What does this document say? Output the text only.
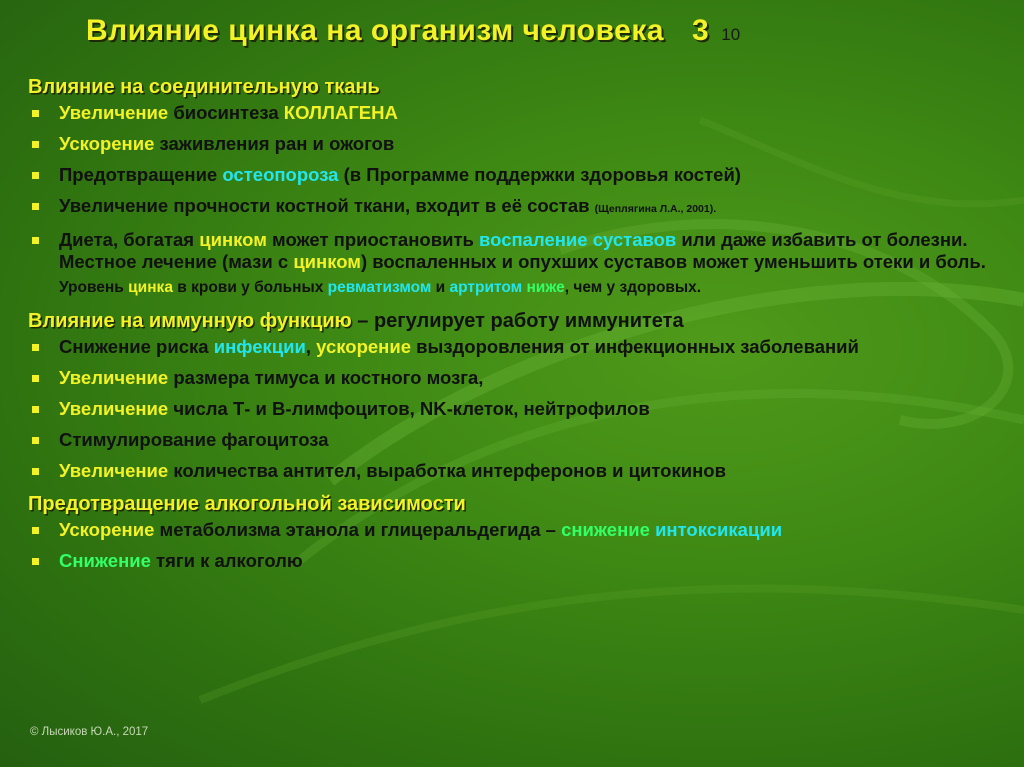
Влияние цинка на организм человека 3 10
Влияние на соединительную ткань
Увеличение биосинтеза КОЛЛАГЕНА
Ускорение заживления ран и ожогов
Предотвращение остеопороза (в Программе поддержки здоровья костей)
Увеличение прочности костной ткани, входит в её состав (Щеплягина Л.А., 2001).
Диета, богатая цинком может приостановить воспаление суставов или даже избавить от болезни. Местное лечение (мази с цинком) воспаленных и опухших суставов может уменьшить отеки и боль. Уровень цинка в крови у больных ревматизмом и артритом ниже, чем у здоровых.
Влияние на иммунную функцию – регулирует работу иммунитета
Снижение риска инфекции, ускорение выздоровления от инфекционных заболеваний
Увеличение размера тимуса и костного мозга,
Увеличение числа Т- и В-лимфоцитов, NK-клеток, нейтрофилов
Стимулирование фагоцитоза
Увеличение количества антител, выработка интерферонов и цитокинов
Предотвращение алкогольной зависимости
Ускорение метаболизма этанола и глицеральдегида – снижение интоксикации
Снижение тяги к алкоголю
© Лысиков Ю.А., 2017
